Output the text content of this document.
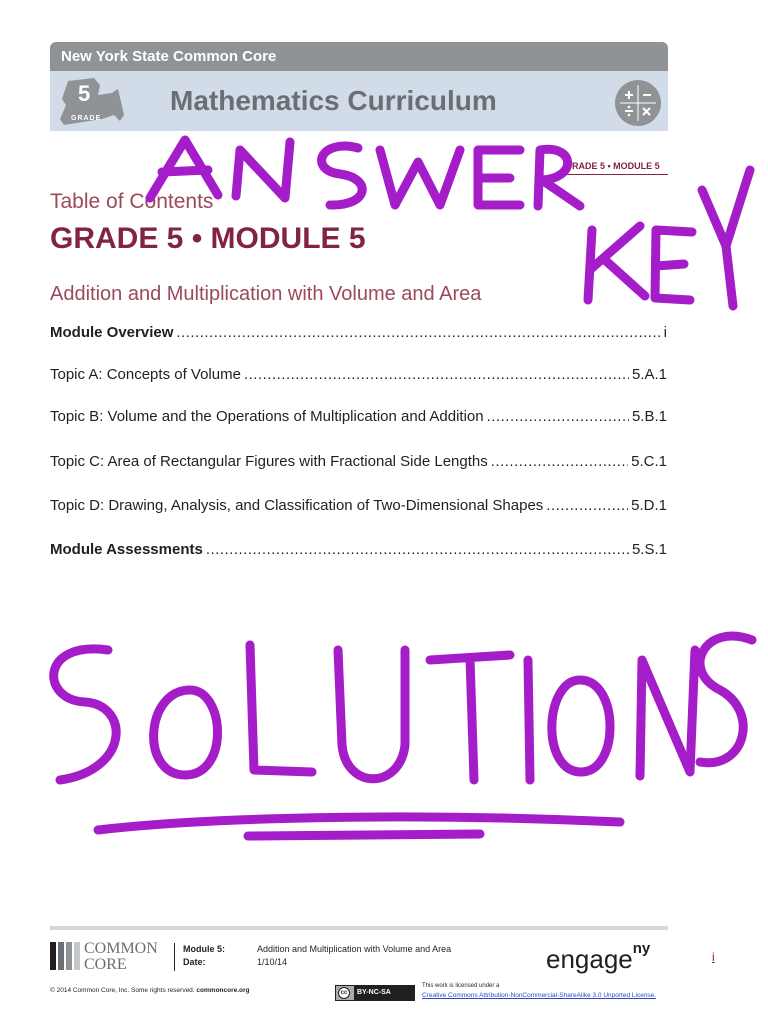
New York State Common Core
5
GRADE
Mathematics Curriculum
GRADE 5 • MODULE 5
Table of Contents
GRADE 5 • MODULE 5
Addition and Multiplication with Volume and Area
Module Overview .....	i
Topic A: Concepts of Volume .....	5.A.1
Topic B: Volume and the Operations of Multiplication and Addition .....	5.B.1
Topic C: Area of Rectangular Figures with Fractional Side Lengths .....	5.C.1
Topic D: Drawing, Analysis, and Classification of Two-Dimensional Shapes .....	5.D.1
Module Assessments .....	5.S.1
COMMON
CORE
Module 5:
Date:
Addition and Multiplication with Volume and Area
1/10/14	engage$^{ny}$	i
© 2014 Common Core, Inc. Some rights reserved. commoncore.org	cc	BY-NC-SA
This work is licensed under a
Creative Commons Attribution-NonCommercial-ShareAlike 3.0 Unported License.
